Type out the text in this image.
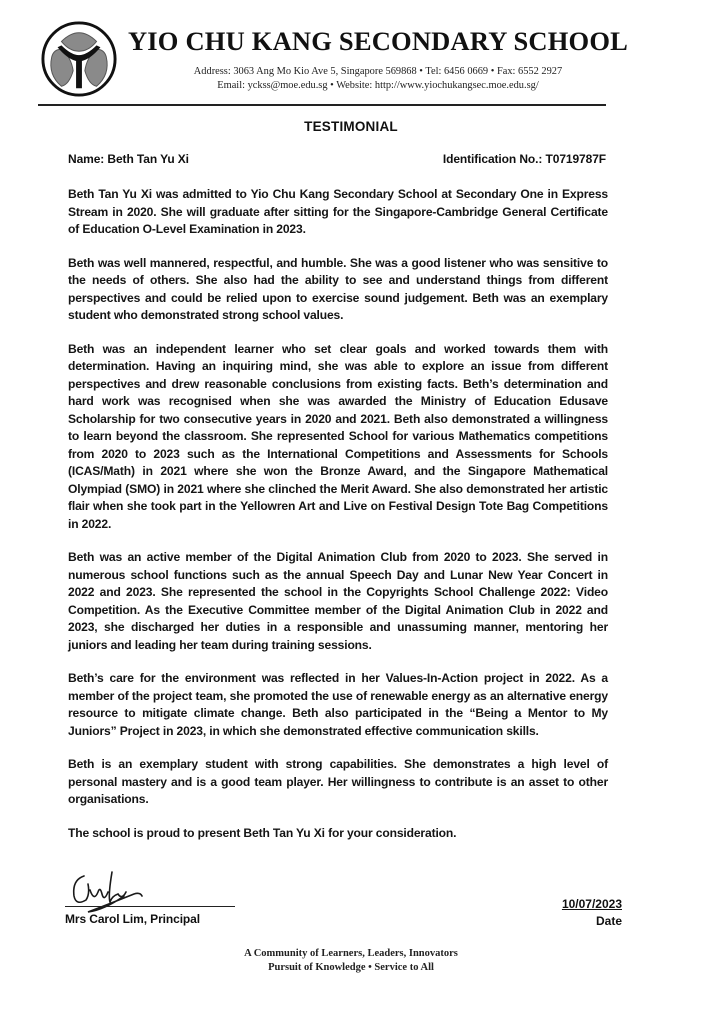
YIO CHU KANG SECONDARY SCHOOL
Address: 3063 Ang Mo Kio Ave 5, Singapore 569868 • Tel: 6456 0669 • Fax: 6552 2927
Email: yckss@moe.edu.sg • Website: http://www.yiochukangsec.moe.edu.sg/
TESTIMONIAL
Name: Beth Tan Yu Xi	Identification No.: T0719787F

Beth Tan Yu Xi was admitted to Yio Chu Kang Secondary School at Secondary One in Express Stream in 2020. She will graduate after sitting for the Singapore-Cambridge General Certificate of Education O-Level Examination in 2023.

Beth was well mannered, respectful, and humble. She was a good listener who was sensitive to the needs of others. She also had the ability to see and understand things from different perspectives and could be relied upon to exercise sound judgement. Beth was an exemplary student who demonstrated strong school values.

Beth was an independent learner who set clear goals and worked towards them with determination. Having an inquiring mind, she was able to explore an issue from different perspectives and drew reasonable conclusions from existing facts. Beth’s determination and hard work was recognised when she was awarded the Ministry of Education Edusave Scholarship for two consecutive years in 2020 and 2021. Beth also demonstrated a willingness to learn beyond the classroom. She represented School for various Mathematics competitions from 2020 to 2023 such as the International Competitions and Assessments for Schools (ICAS/Math) in 2021 where she won the Bronze Award, and the Singapore Mathematical Olympiad (SMO) in 2021 where she clinched the Merit Award. She also demonstrated her artistic flair when she took part in the Yellowren Art and Live on Festival Design Tote Bag Competitions in 2022.

Beth was an active member of the Digital Animation Club from 2020 to 2023. She served in numerous school functions such as the annual Speech Day and Lunar New Year Concert in 2022 and 2023. She represented the school in the Copyrights School Challenge 2022: Video Competition. As the Executive Committee member of the Digital Animation Club in 2022 and 2023, she discharged her duties in a responsible and unassuming manner, mentoring her juniors and leading her team during training sessions.

Beth’s care for the environment was reflected in her Values-In-Action project in 2022. As a member of the project team, she promoted the use of renewable energy as an alternative energy resource to mitigate climate change. Beth also participated in the “Being a Mentor to My Juniors” Project in 2023, in which she demonstrated effective communication skills.

Beth is an exemplary student with strong capabilities. She demonstrates a high level of personal mastery and is a good team player. Her willingness to contribute is an asset to other organisations.

The school is proud to present Beth Tan Yu Xi for your consideration.

Mrs Carol Lim, Principal
10/07/2023
Date
A Community of Learners, Leaders, Innovators
Pursuit of Knowledge • Service to All
